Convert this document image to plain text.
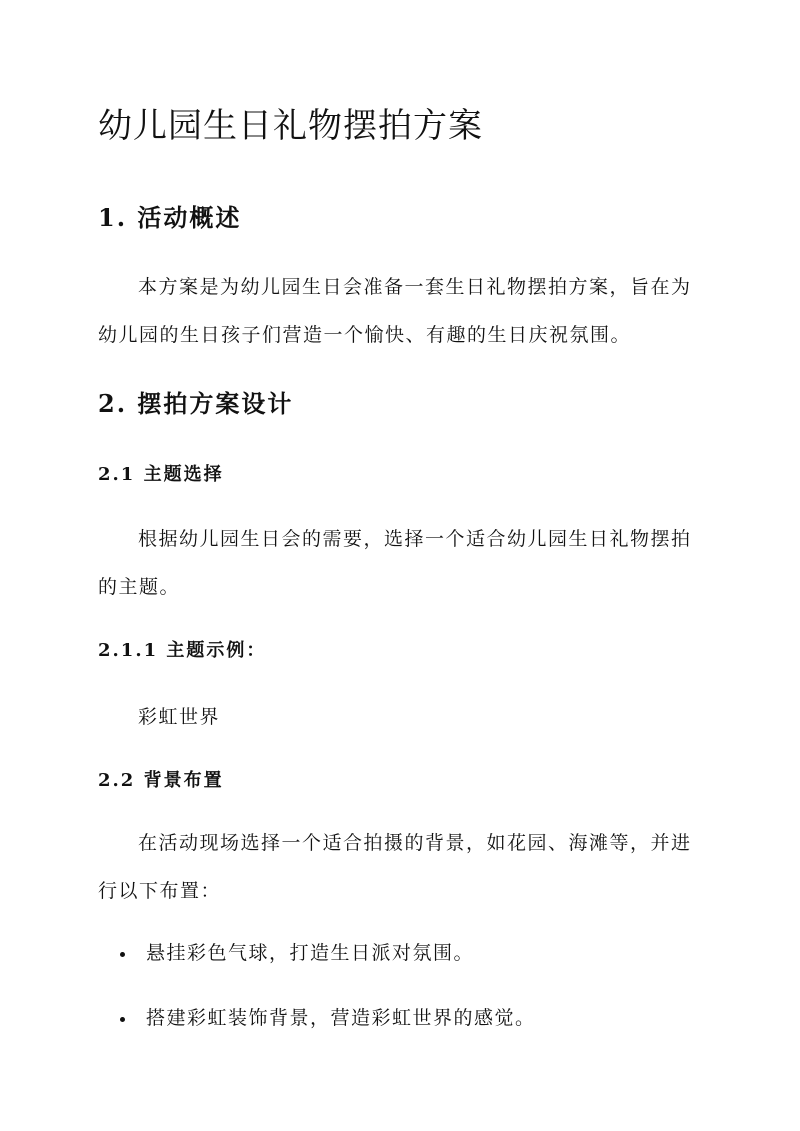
幼儿园生日礼物摆拍方案
1. 活动概述
本方案是为幼儿园生日会准备一套生日礼物摆拍方案，旨在为
幼儿园的生日孩子们营造一个愉快、有趣的生日庆祝氛围。
2. 摆拍方案设计
2.1 主题选择
根据幼儿园生日会的需要，选择一个适合幼儿园生日礼物摆拍
的主题。
2.1.1 主题示例：
彩虹世界
2.2 背景布置
在活动现场选择一个适合拍摄的背景，如花园、海滩等，并进
行以下布置：
悬挂彩色气球，打造生日派对氛围。
搭建彩虹装饰背景，营造彩虹世界的感觉。
